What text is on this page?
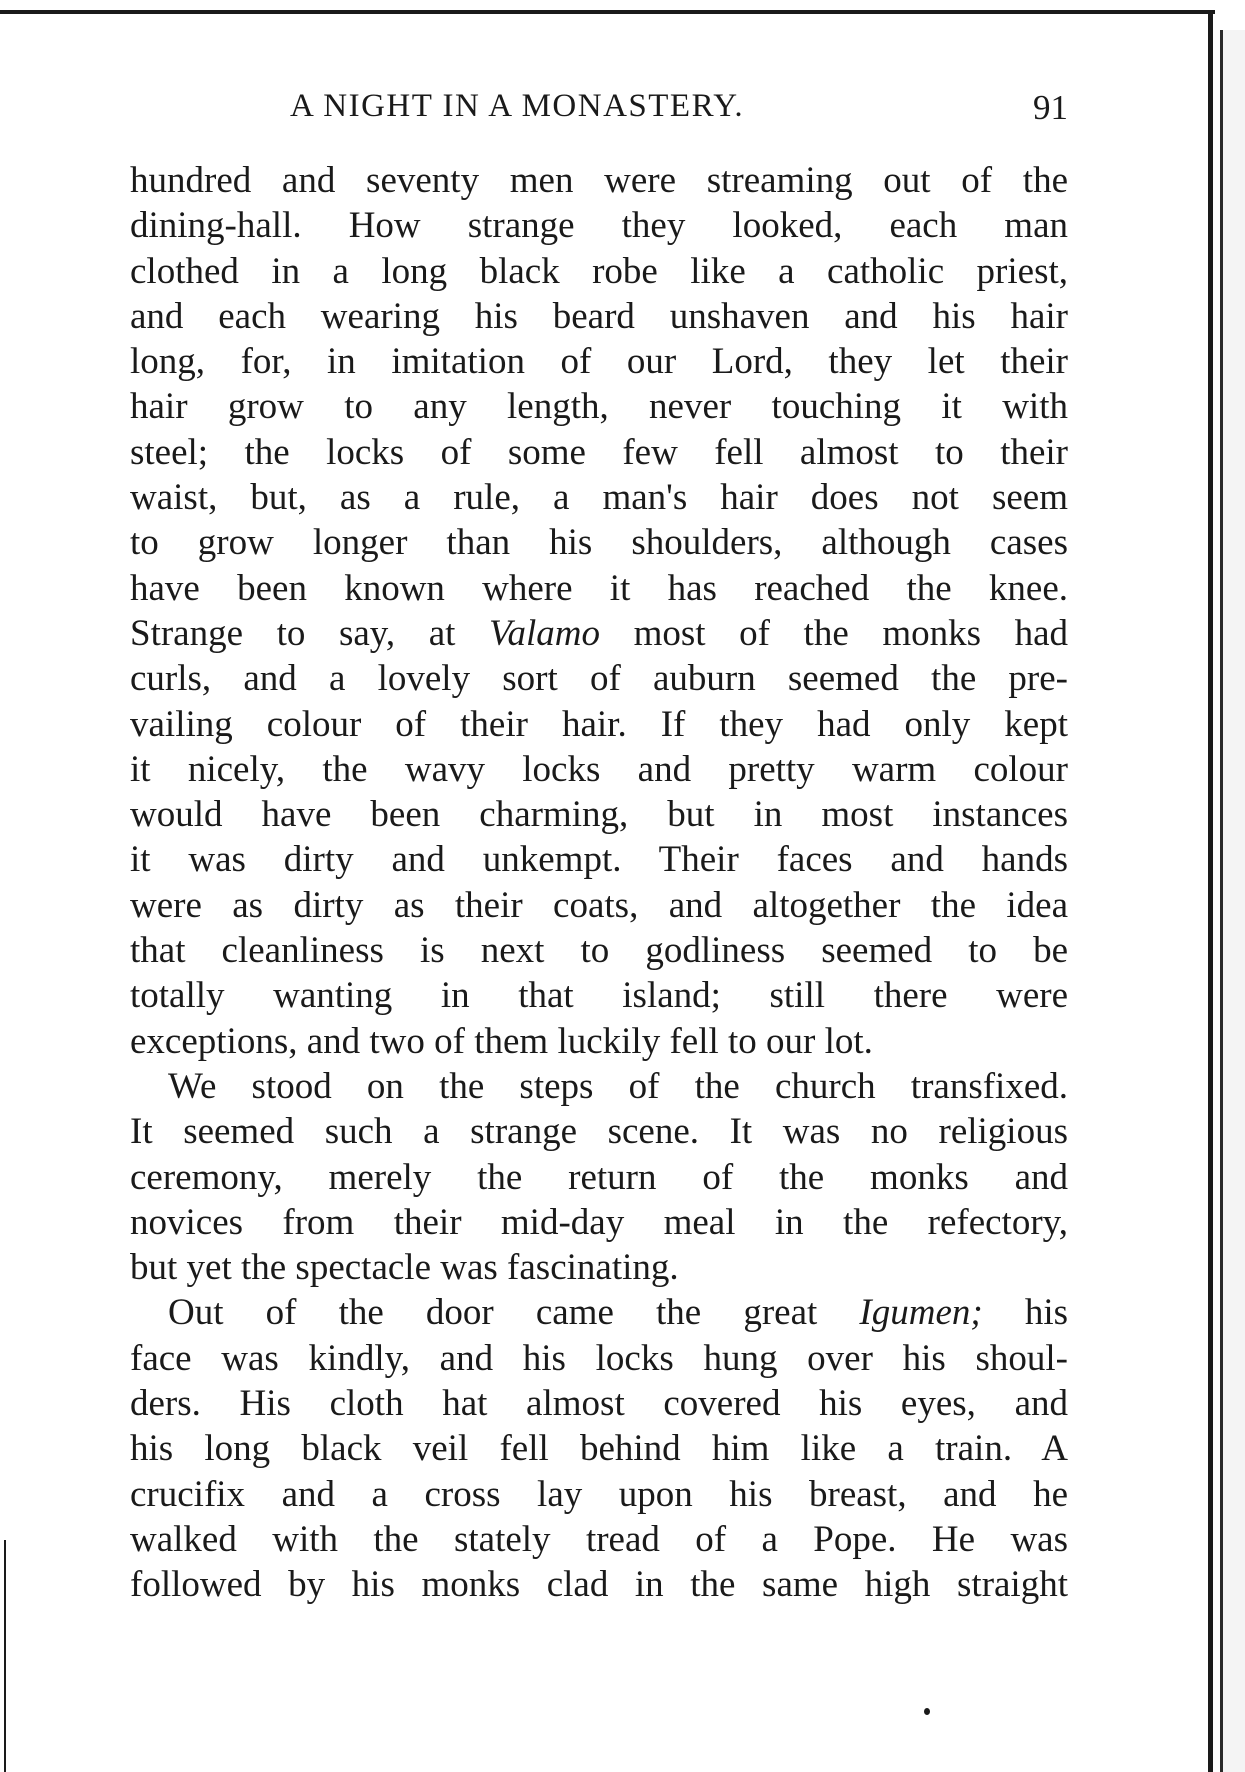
A NIGHT IN A MONASTERY.	91
hundred and seventy men were streaming out of the
dining-hall. How strange they looked, each man
clothed in a long black robe like a catholic priest,
and each wearing his beard unshaven and his hair
long, for, in imitation of our Lord, they let their
hair grow to any length, never touching it with
steel; the locks of some few fell almost to their
waist, but, as a rule, a man's hair does not seem
to grow longer than his shoulders, although cases
have been known where it has reached the knee.
Strange to say, at Valamo most of the monks had
curls, and a lovely sort of auburn seemed the pre-
vailing colour of their hair. If they had only kept
it nicely, the wavy locks and pretty warm colour
would have been charming, but in most instances
it was dirty and unkempt. Their faces and hands
were as dirty as their coats, and altogether the idea
that cleanliness is next to godliness seemed to be
totally wanting in that island; still there were
exceptions, and two of them luckily fell to our lot.
We stood on the steps of the church transfixed.
It seemed such a strange scene. It was no religious
ceremony, merely the return of the monks and
novices from their mid-day meal in the refectory,
but yet the spectacle was fascinating.
Out of the door came the great Igumen; his
face was kindly, and his locks hung over his shoul-
ders. His cloth hat almost covered his eyes, and
his long black veil fell behind him like a train. A
crucifix and a cross lay upon his breast, and he
walked with the stately tread of a Pope. He was
followed by his monks clad in the same high straight
